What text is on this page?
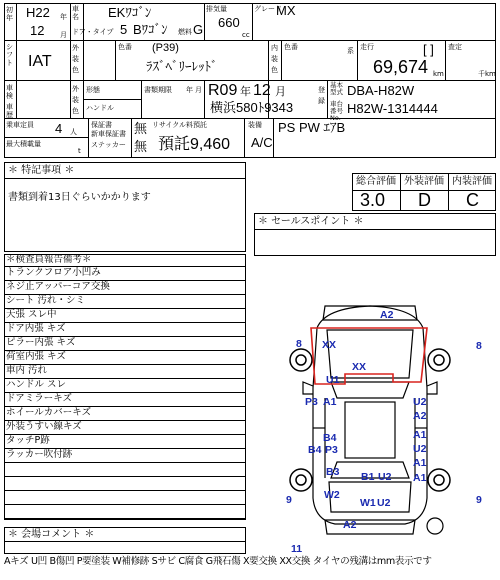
初年 H22 年
12 月
車名 EKﾜｺﾞﾝ
ドア・タイプ 5 Bﾜｺﾞﾝ 燃料 G
排気量
660
cc
グレード
MX
シフト IAT
外装色
色番 (P39)
ﾗｽﾞﾍﾞﾘｰﾚｯﾄﾞ
内装色
色番	系 走行	[ ]
69,674 km
査定
千km
車検
車歴
外装色
形態
ハンドル
書類期限 年 月 R09 年 12 月
横浜580ﾄ9343
登録
基本型式 DBA-H82W
車台番号 No.
H82W-1314444
乗車定員 4 人
最大積載量
t
保証書
新車保証書
ステッカー
無
無
リサイクル料預託
預託9,460
装備
A/C
PS PW ｴｱB
＊ 特記事項 ＊
書類到着13日ぐらいかかります
総合評価 外装評価 内装評価
3.0 D C
＊ セールスポイント ＊
＊検査員報告備考＊
トランクフロア小凹み
ネジ止アッパーコア交換
シート 汚れ・シミ
天張 スレ中
ドア内張 キズ
ピラー内張 キズ
荷室内張 キズ
車内 汚れ
ハンドル スレ
ドアミラーキズ
ホイールカバーキズ
外装うすい線キズ
タッチP跡
ラッカー吹付跡
＊ 会場コメント ＊
A2
8 XX
XX
U1
8
P3 A1	U2
A2
B4	A1
B4 P3	U2
A1
B3 B1 U2
W2
W1 U2
A1
9
A2
9
11
Aキズ U凹 B傷凹 P要塗装 W補修跡 Sサビ C腐食 G飛石傷 X要交換 XX交換 タイヤの残溝はmm表示です
